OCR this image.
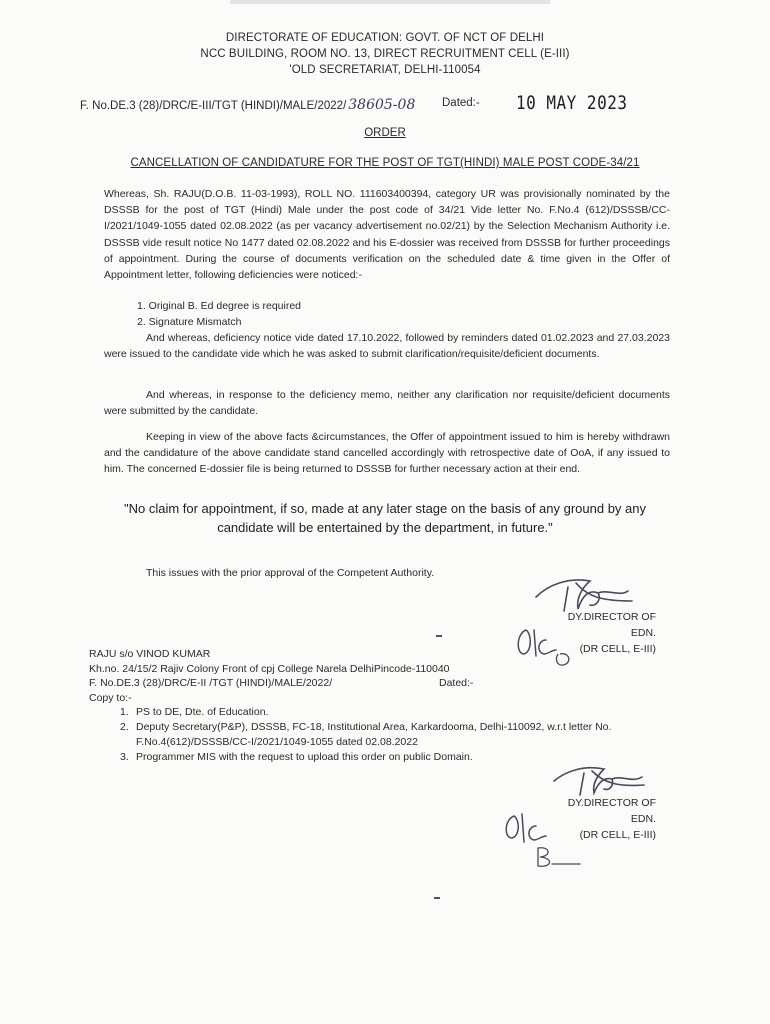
DIRECTORATE OF EDUCATION: GOVT. OF NCT OF DELHI
NCC BUILDING, ROOM NO. 13, DIRECT RECRUITMENT CELL (E-III)
'OLD SECRETARIAT, DELHI-110054
F. No.DE.3 (28)/DRC/E-III/TGT (HINDI)/MALE/2022/ 38605-08 Dated:- 10 MAY 2023
ORDER
CANCELLATION OF CANDIDATURE FOR THE POST OF TGT(HINDI) MALE POST CODE-34/21
Whereas, Sh. RAJU(D.O.B. 11-03-1993), ROLL NO. 111603400394, category UR was provisionally nominated by the DSSSB for the post of TGT (Hindi) Male under the post code of 34/21 Vide letter No. F.No.4 (612)/DSSSB/CC-I/2021/1049-1055 dated 02.08.2022 (as per vacancy advertisement no.02/21) by the Selection Mechanism Authority i.e. DSSSB vide result notice No 1477 dated 02.08.2022 and his E-dossier was received from DSSSB for further proceedings of appointment. During the course of documents verification on the scheduled date & time given in the Offer of Appointment letter, following deficiencies were noticed:-
1. Original B. Ed degree is required
2. Signature Mismatch
And whereas, deficiency notice vide dated 17.10.2022, followed by reminders dated 01.02.2023 and 27.03.2023 were issued to the candidate vide which he was asked to submit clarification/requisite/deficient documents.
And whereas, in response to the deficiency memo, neither any clarification nor requisite/deficient documents were submitted by the candidate.
Keeping in view of the above facts &circumstances, the Offer of appointment issued to him is hereby withdrawn and the candidature of the above candidate stand cancelled accordingly with retrospective date of OoA, if any issued to him. The concerned E-dossier file is being returned to DSSSB for further necessary action at their end.
"No claim for appointment, if so, made at any later stage on the basis of any ground by any candidate will be entertained by the department, in future."
This issues with the prior approval of the Competent Authority.
DY.DIRECTOR OF EDN.
(DR CELL, E-III)
RAJU s/o VINOD KUMAR
Kh.no. 24/15/2 Rajiv Colony Front of cpj College Narela DelhiPincode-110040
F. No.DE.3 (28)/DRC/E-II /TGT (HINDI)/MALE/2022/	Dated:-
Copy to:-
1. PS to DE, Dte. of Education.
2. Deputy Secretary(P&P), DSSSB, FC-18, Institutional Area, Karkardooma, Delhi-110092, w.r.t letter No. F.No.4(612)/DSSSB/CC-I/2021/1049-1055 dated 02.08.2022
3. Programmer MIS with the request to upload this order on public Domain.
DY.DIRECTOR OF EDN.
(DR CELL, E-III)
